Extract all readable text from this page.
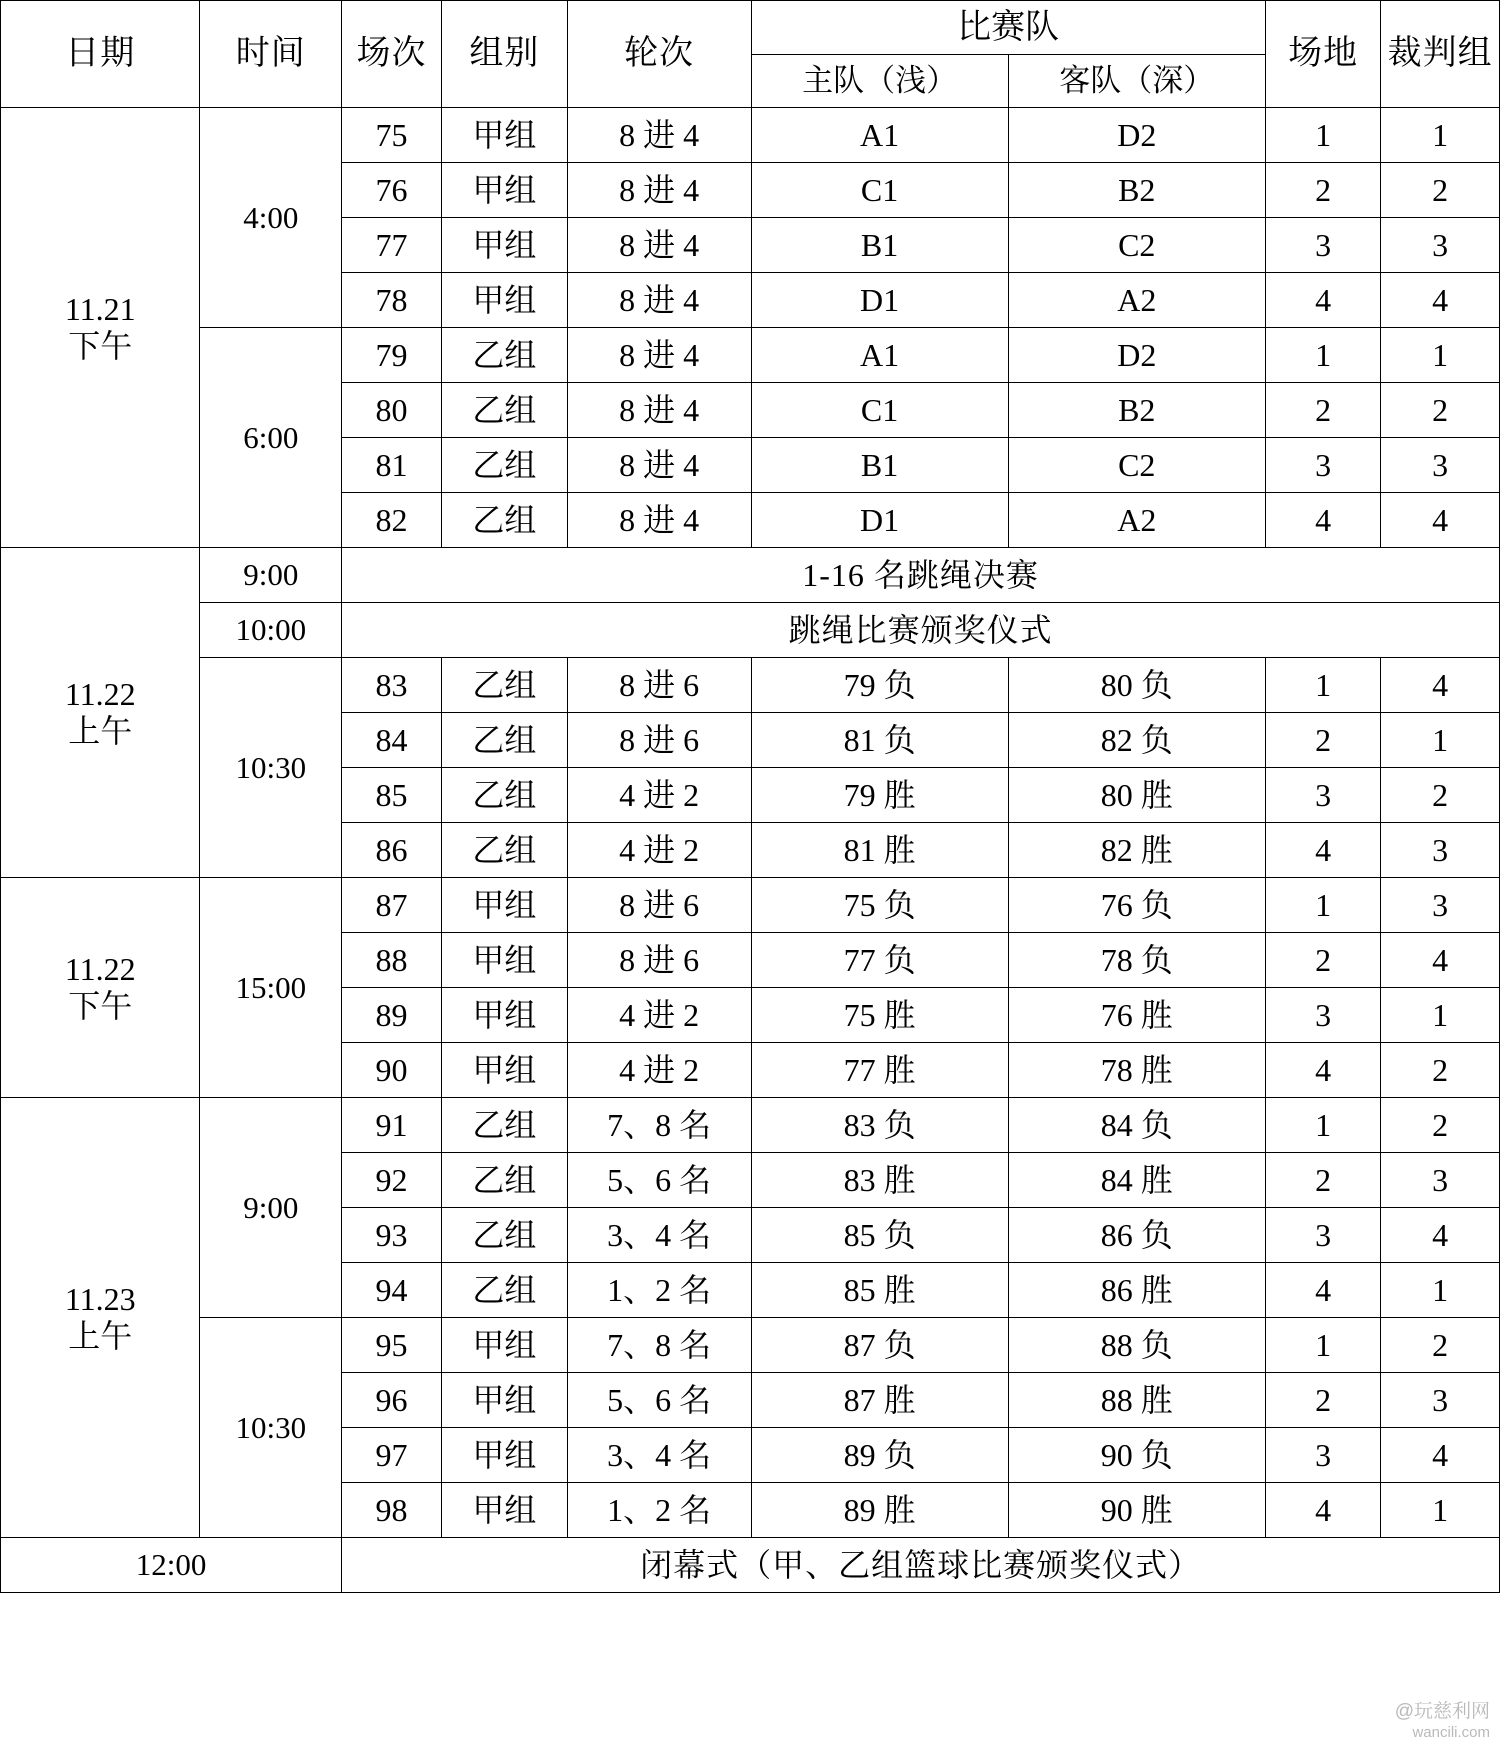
日期	时间	场次	组别	轮次	比赛队		场地	裁判组
					主队（浅）	客队（深）		
11.21
下午	4:00	75	甲组	8 进 4	A1	D2	1	1
		76	甲组	8 进 4	C1	B2	2	2
		77	甲组	8 进 4	B1	C2	3	3
		78	甲组	8 进 4	D1	A2	4	4
	6:00	79	乙组	8 进 4	A1	D2	1	1
		80	乙组	8 进 4	C1	B2	2	2
		81	乙组	8 进 4	B1	C2	3	3
		82	乙组	8 进 4	D1	A2	4	4
11.22
上午	9:00	1-16 名跳绳决赛						
	10:00	跳绳比赛颁奖仪式						
	10:30	83	乙组	8 进 6	79 负	80 负	1	4
		84	乙组	8 进 6	81 负	82 负	2	1
		85	乙组	4 进 2	79 胜	80 胜	3	2
		86	乙组	4 进 2	81 胜	82 胜	4	3
11.22
下午	15:00	87	甲组	8 进 6	75 负	76 负	1	3
		88	甲组	8 进 6	77 负	78 负	2	4
		89	甲组	4 进 2	75 胜	76 胜	3	1
		90	甲组	4 进 2	77 胜	78 胜	4	2
11.23
上午	9:00	91	乙组	7、8 名	83 负	84 负	1	2
		92	乙组	5、6 名	83 胜	84 胜	2	3
		93	乙组	3、4 名	85 负	86 负	3	4
		94	乙组	1、2 名	85 胜	86 胜	4	1
	10:30	95	甲组	7、8 名	87 负	88 负	1	2
		96	甲组	5、6 名	87 胜	88 胜	2	3
		97	甲组	3、4 名	89 负	90 负	3	4
		98	甲组	1、2 名	89 胜	90 胜	4	1
12:00		闭幕式（甲、乙组篮球比赛颁奖仪式）						
@玩慈利网
wancili.com
